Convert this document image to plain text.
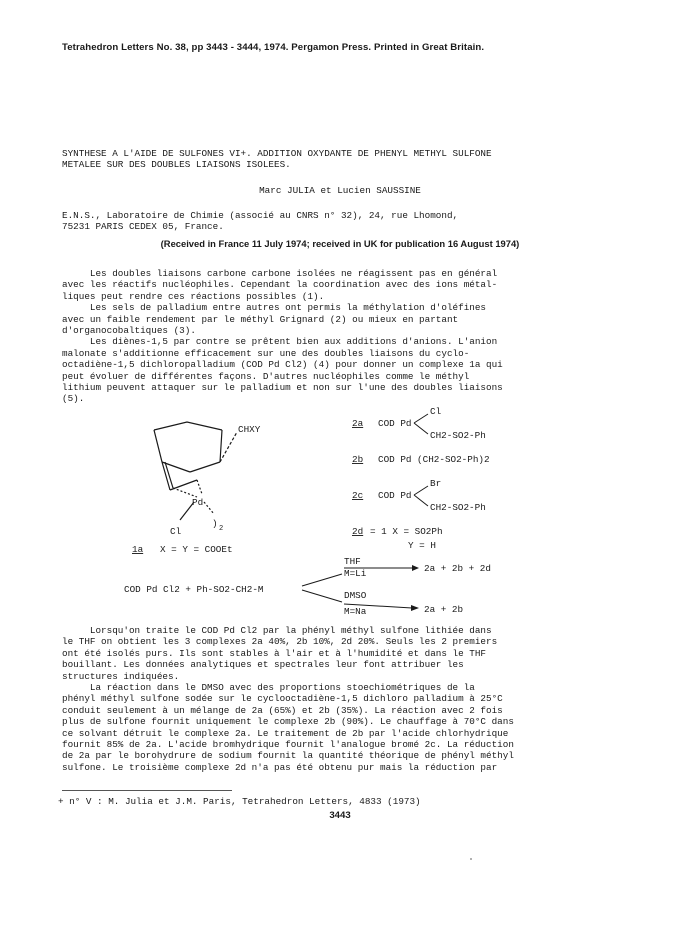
Tetrahedron Letters No. 38, pp 3443 - 3444, 1974. Pergamon Press. Printed in Great Britain.
SYNTHESE A L'AIDE DE SULFONES VI+. ADDITION OXYDANTE DE PHENYL METHYL SULFONE
METALEE SUR DES DOUBLES LIAISONS ISOLEES.
Marc JULIA et Lucien SAUSSINE
E.N.S., Laboratoire de Chimie (associé au CNRS n° 32), 24, rue Lhomond,
75231 PARIS CEDEX 05, France.
(Received in France 11 July 1974; received in UK for publication 16 August 1974)
Les doubles liaisons carbone carbone isolées ne réagissent pas en général
avec les réactifs nucléophiles. Cependant la coordination avec des ions métal-
liques peut rendre ces réactions possibles (1).
Les sels de palladium entre autres ont permis la méthylation d'oléfines
avec un faible rendement par le méthyl Grignard (2) ou mieux en partant
d'organocobaltiques (3).
Les diènes-1,5 par contre se prêtent bien aux additions d'anions. L'anion
malonate s'additionne efficacement sur une des doubles liaisons du cyclo-
octadiène-1,5 dichloropalladium (COD Pd Cl2) (4) pour donner un complexe 1a qui
peut évoluer de différentes façons. D'autres nucléophiles comme le méthyl
lithium peuvent attaquer sur le palladium et non sur l'une des doubles liaisons
(5).
CHXY
Pd
Cl
) 2
1a X = Y = COOEt
2a COD Pd
Cl
CH2-SO2-Ph
2b COD Pd (CH2-SO2-Ph)2
2c COD Pd
Br
CH2-SO2-Ph
2d = 1 X = SO2Ph
Y = H
COD Pd Cl2 + Ph-SO2-CH2-M
THF
M=Li	2a + 2b + 2d
DMSO
M=Na	2a + 2b
Lorsqu'on traite le COD Pd Cl2 par la phényl méthyl sulfone lithiée dans
le THF on obtient les 3 complexes 2a 40%, 2b 10%, 2d 20%. Seuls les 2 premiers
ont été isolés purs. Ils sont stables à l'air et à l'humidité et dans le THF
bouillant. Les données analytiques et spectrales leur font attribuer les
structures indiquées.
La réaction dans le DMSO avec des proportions stoechiométriques de la
phényl méthyl sulfone sodée sur le cyclooctadiène-1,5 dichloro palladium à 25°C
conduit seulement à un mélange de 2a (65%) et 2b (35%). La réaction avec 2 fois
plus de sulfone fournit uniquement le complexe 2b (90%). Le chauffage à 70°C dans
ce solvant détruit le complexe 2a. Le traitement de 2b par l'acide chlorhydrique
fournit 85% de 2a. L'acide bromhydrique fournit l'analogue bromé 2c. La réduction
de 2a par le borohydrure de sodium fournit la quantité théorique de phényl méthyl
sulfone. Le troisième complexe 2d n'a pas été obtenu pur mais la réduction par
+ n° V : M. Julia et J.M. Paris, Tetrahedron Letters, 4833 (1973)
3443
